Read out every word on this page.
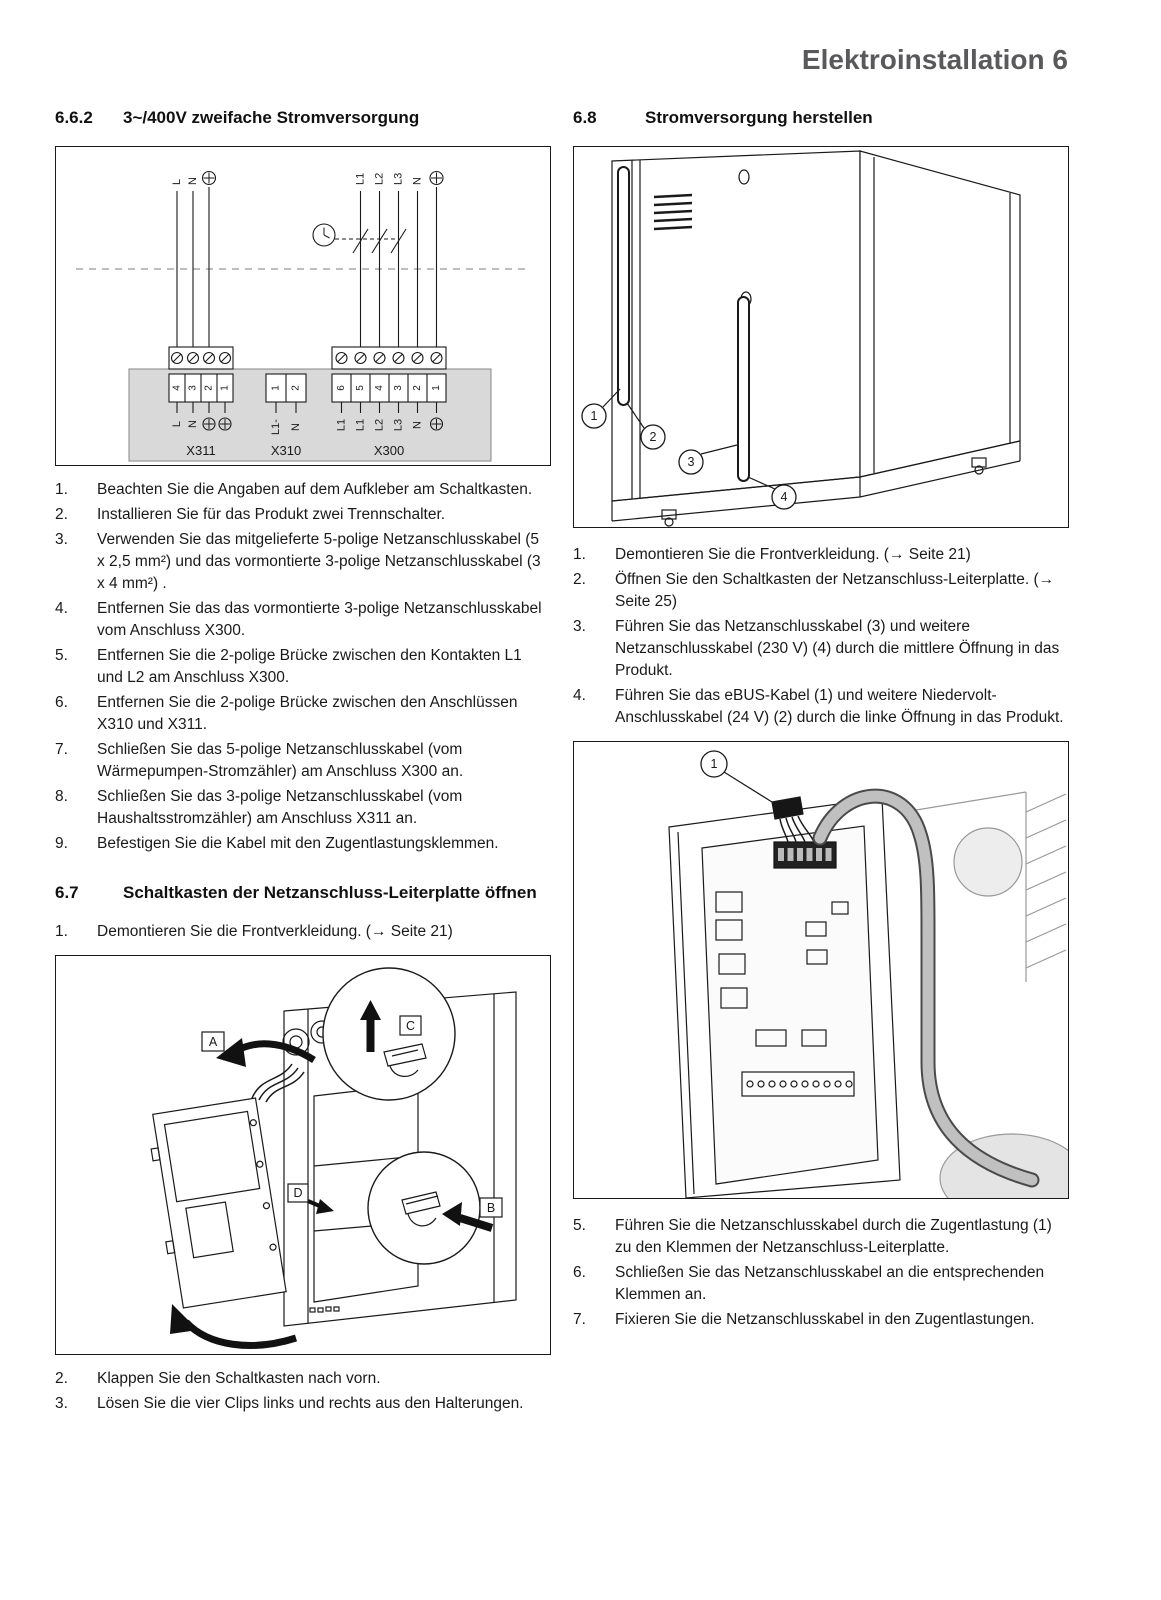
Elektroinstallation 6
6.6.2	3~/400V zweifache Stromversorgung
L N	L1 L2 L3 N
4 3 2 1	1 2	6 5 4 3 2 1
L N	L1- N	L1 L1 L2 L3 N
X311	X310	X300
1.	Beachten Sie die Angaben auf dem Aufkleber am Schaltkasten.
2.	Installieren Sie für das Produkt zwei Trennschalter.
3.	Verwenden Sie das mitgelieferte 5-polige Netzanschlusskabel (5 x 2,5 mm²) und das vormontierte 3-polige Netzanschlusskabel (3 x 4 mm²) .
4.	Entfernen Sie das das vormontierte 3-polige Netzanschlusskabel vom Anschluss X300.
5.	Entfernen Sie die 2-polige Brücke zwischen den Kontakten L1 und L2 am Anschluss X300.
6.	Entfernen Sie die 2-polige Brücke zwischen den Anschlüssen X310 und X311.
7.	Schließen Sie das 5-polige Netzanschlusskabel (vom Wärmepumpen-Stromzähler) am Anschluss X300 an.
8.	Schließen Sie das 3-polige Netzanschlusskabel (vom Haushaltsstromzähler) am Anschluss X311 an.
9.	Befestigen Sie die Kabel mit den Zugentlastungsklemmen.
6.7	Schaltkasten der Netzanschluss-Leiterplatte öffnen
1.	Demontieren Sie die Frontverkleidung. (→ Seite 21)
A
B
C
D
2.	Klappen Sie den Schaltkasten nach vorn.
3.	Lösen Sie die vier Clips links und rechts aus den Halterungen.
6.8	Stromversorgung herstellen
1
2
3
4
1.	Demontieren Sie die Frontverkleidung. (→ Seite 21)
2.	Öffnen Sie den Schaltkasten der Netzanschluss-Leiterplatte. (→ Seite 25)
3.	Führen Sie das Netzanschlusskabel (3) und weitere Netzanschlusskabel (230 V) (4) durch die mittlere Öffnung in das Produkt.
4.	Führen Sie das eBUS-Kabel (1) und weitere Niedervolt-Anschlusskabel (24 V) (2) durch die linke Öffnung in das Produkt.
1
5.	Führen Sie die Netzanschlusskabel durch die Zugentlastung (1) zu den Klemmen der Netzanschluss-Leiterplatte.
6.	Schließen Sie das Netzanschlusskabel an die entsprechenden Klemmen an.
7.	Fixieren Sie die Netzanschlusskabel in den Zugentlastungen.
